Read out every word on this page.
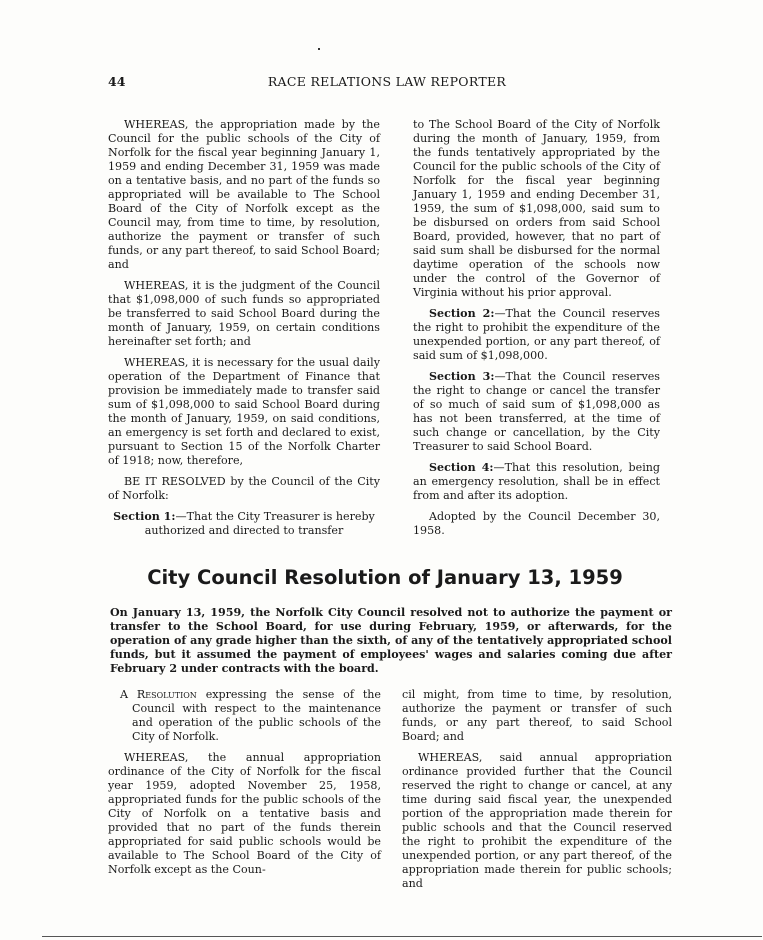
44	RACE RELATIONS LAW REPORTER

WHEREAS, the appropriation made by the Council for the public schools of the City of Norfolk for the fiscal year beginning January 1, 1959 and ending December 31, 1959 was made on a tentative basis, and no part of the funds so appropriated will be available to The School Board of the City of Norfolk except as the Council may, from time to time, by resolution, authorize the payment or transfer of such funds, or any part thereof, to said School Board; and

WHEREAS, it is the judgment of the Council that $1,098,000 of such funds so appropriated be transferred to said School Board during the month of January, 1959, on certain conditions hereinafter set forth; and

WHEREAS, it is necessary for the usual daily operation of the Department of Finance that provision be immediately made to transfer said sum of $1,098,000 to said School Board during the month of January, 1959, on said conditions, an emergency is set forth and declared to exist, pursuant to Section 15 of the Norfolk Charter of 1918; now, therefore,

BE IT RESOLVED by the Council of the City of Norfolk:

Section 1:—That the City Treasurer is hereby authorized and directed to transfer

to The School Board of the City of Norfolk during the month of January, 1959, from the funds tentatively appropriated by the Council for the public schools of the City of Norfolk for the fiscal year beginning January 1, 1959 and ending December 31, 1959, the sum of $1,098,000, said sum to be disbursed on orders from said School Board, provided, however, that no part of said sum shall be disbursed for the normal daytime operation of the schools now under the control of the Governor of Virginia without his prior approval.

Section 2:—That the Council reserves the right to prohibit the expenditure of the unexpended portion, or any part thereof, of said sum of $1,098,000.

Section 3:—That the Council reserves the right to change or cancel the transfer of so much of said sum of $1,098,000 as has not been transferred, at the time of such change or cancellation, by the City Treasurer to said School Board.

Section 4:—That this resolution, being an emergency resolution, shall be in effect from and after its adoption.

Adopted by the Council December 30, 1958.

City Council Resolution of January 13, 1959
On January 13, 1959, the Norfolk City Council resolved not to authorize the payment or transfer to the School Board, for use during February, 1959, or afterwards, for the operation of any grade higher than the sixth, of any of the tentatively appropriated school funds, but it assumed the payment of employees' wages and salaries coming due after February 2 under contracts with the board.

A Resolution expressing the sense of the Council with respect to the maintenance and operation of the public schools of the City of Norfolk.

WHEREAS, the annual appropriation ordinance of the City of Norfolk for the fiscal year 1959, adopted November 25, 1958, appropriated funds for the public schools of the City of Norfolk on a tentative basis and provided that no part of the funds therein appropriated for said public schools would be available to The School Board of the City of Norfolk except as the Coun-

cil might, from time to time, by resolution, authorize the payment or transfer of such funds, or any part thereof, to said School Board; and

WHEREAS, said annual appropriation ordinance provided further that the Council reserved the right to change or cancel, at any time during said fiscal year, the unexpended portion of the appropriation made therein for public schools and that the Council reserved the right to prohibit the expenditure of the unexpended portion, or any part thereof, of the appropriation made therein for public schools; and
